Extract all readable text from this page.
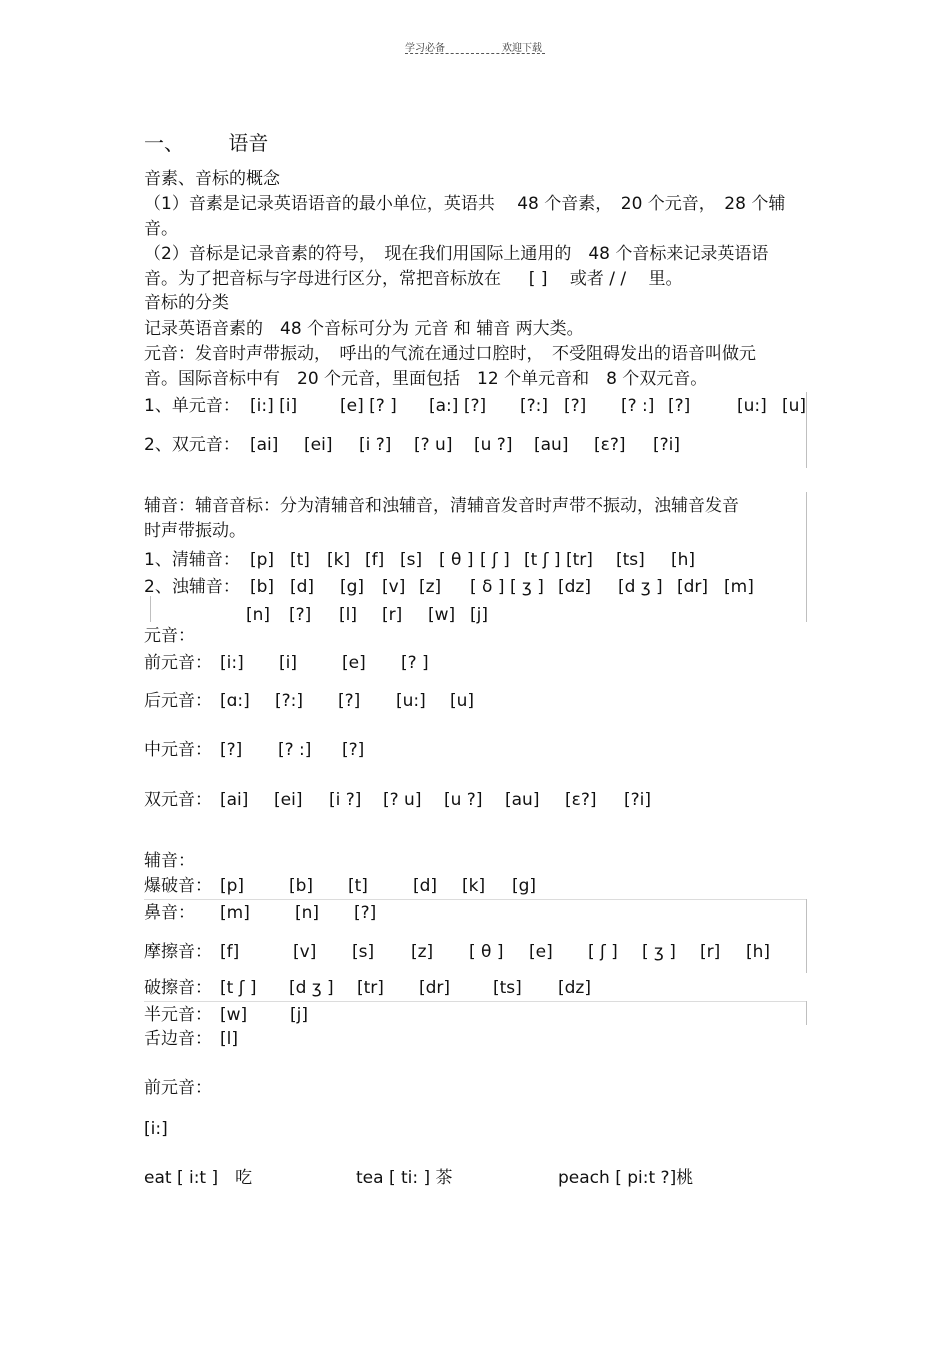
学习必备	欢迎下载
一、 语音
音素、音标的概念
（1）音素是记录英语语音的最小单位，英语共 　48 个音素，　20 个元音，　28 个辅
音。
（2）音标是记录音素的符号，　现在我们用国际上通用的　48 个音标来记录英语语
音。为了把音标与字母进行区分，常把音标放在 　 [ ]　 或者 / /　 里。
音标的分类
记录英语音素的　48 个音标可分为 元音 和 辅音 两大类。
元音：发音时声带振动，　呼出的气流在通过口腔时，　不受阻碍发出的语音叫做元
音。国际音标中有　20 个元音，里面包括　12 个单元音和　8 个双元音。
1、单元音： [i:] [i]	[e] [? ] [a:] [?] [?:] [?] [? :] [?]	[u:] [u]
2、双元音： [ai] [ei] [i ?] [? u] [u ?] [au] [ε?] [?i]
辅音：辅音音标：分为清辅音和浊辅音，清辅音发音时声带不振动，浊辅音发音
时声带振动。
1、清辅音： [p] [t] [k] [f] [s] [ θ ] [ ʃ ] [t ʃ ] [tr] [ts] [h]
2、浊辅音： [b] [d] [g] [v] [z] [ δ ] [ ʒ ] [dz] [d ʒ ] [dr] [m]
[n] [?] [l] [r] [w] [j]
元音：
前元音： [i:] [i]	[e] [? ]
后元音： [ɑ:] [?:] [?] [u:] [u]
中元音： [?] [? :] [?]
双元音： [ai] [ei] [i ?] [? u] [u ?] [au] [ε?] [?i]
辅音：
爆破音： [p]	[b] [t]	[d] [k] [g]
鼻音： [m]	[n] [?]
摩擦音： [f]	[v] [s] [z] [ θ ] [e] [ ʃ ] [ ʒ ] [r] [h]
破擦音： [t ʃ ] [d ʒ ] [tr] [dr]	[ts] [dz]
半元音： [w]	[j]
舌边音： [l]
前元音：
[i:]
eat [ i:t ]　吃	tea [ ti: ] 茶	peach [ pi:t ?]桃
